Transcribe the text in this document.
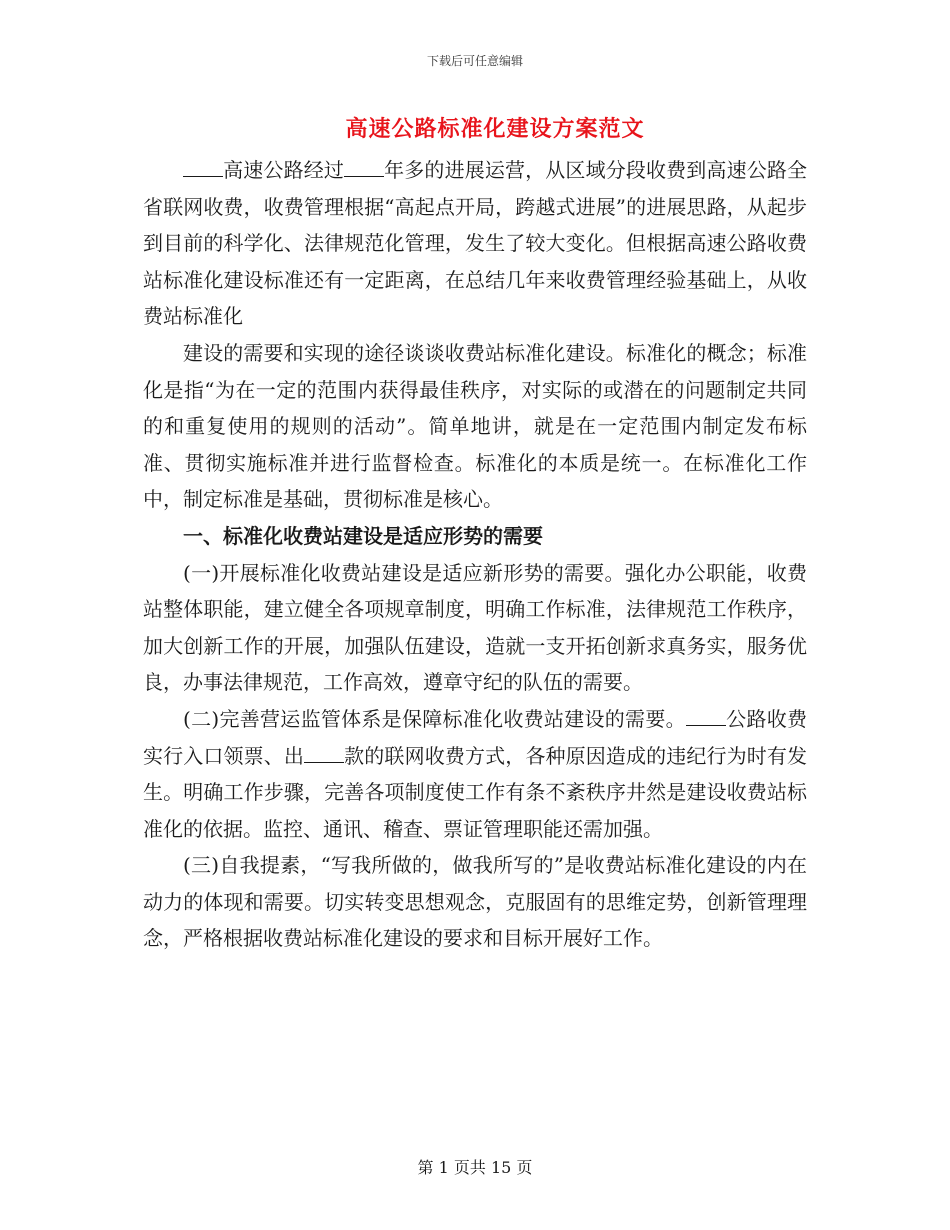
下载后可任意编辑
高速公路标准化建设方案范文

高速公路经过 年多的进展运营，从区域分段收费到高速公路全省联网收费，收费管理根据“高起点开局，跨越式进展”的进展思路，从起步到目前的科学化、法律规范化管理，发生了较大变化。但根据高速公路收费站标准化建设标准还有一定距离，在总结几年来收费管理经验基础上，从收费站标准化

建设的需要和实现的途径谈谈收费站标准化建设。标准化的概念；标准化是指“为在一定的范围内获得最佳秩序，对实际的或潜在的问题制定共同的和重复使用的规则的活动”。简单地讲，就是在一定范围内制定发布标准、贯彻实施标准并进行监督检查。标准化的本质是统一。在标准化工作中，制定标准是基础，贯彻标准是核心。

一、标准化收费站建设是适应形势的需要

(一)开展标准化收费站建设是适应新形势的需要。强化办公职能，收费站整体职能，建立健全各项规章制度，明确工作标准，法律规范工作秩序，加大创新工作的开展，加强队伍建设，造就一支开拓创新求真务实，服务优良，办事法律规范，工作高效，遵章守纪的队伍的需要。

(二)完善营运监管体系是保障标准化收费站建设的需要。 公路收费实行入口领票、出 款的联网收费方式，各种原因造成的违纪行为时有发生。明确工作步骤，完善各项制度使工作有条不紊秩序井然是建设收费站标准化的依据。监控、通讯、稽查、票证管理职能还需加强。

(三)自我提素，“写我所做的，做我所写的”是收费站标准化建设的内在动力的体现和需要。切实转变思想观念，克服固有的思维定势，创新管理理念，严格根据收费站标准化建设的要求和目标开展好工作。

第 1 页共 15 页
